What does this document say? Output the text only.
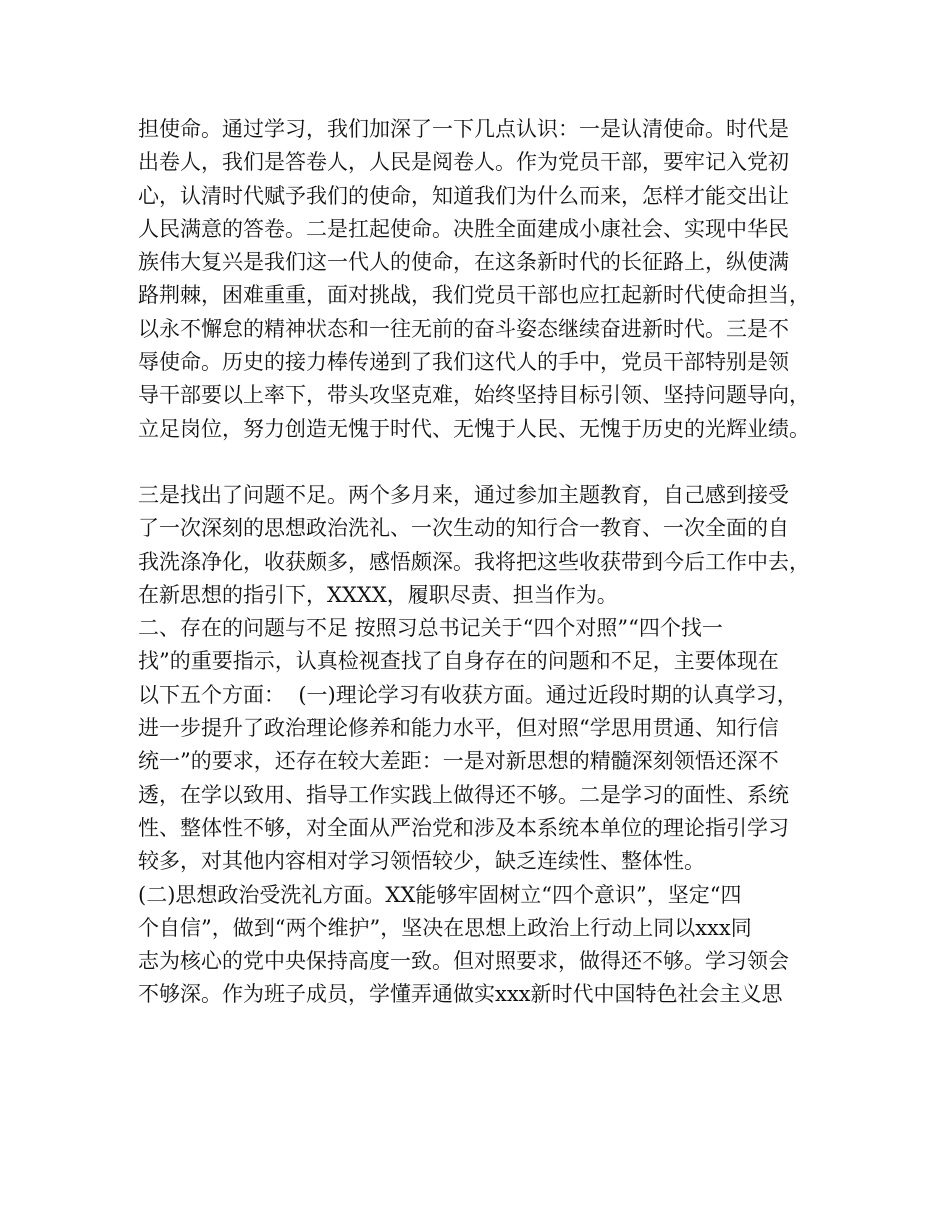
担使命。通过学习，我们加深了一下几点认识：一是认清使命。时代是
出卷人，我们是答卷人，人民是阅卷人。作为党员干部，要牢记入党初
心，认清时代赋予我们的使命，知道我们为什么而来，怎样才能交出让
人民满意的答卷。二是扛起使命。决胜全面建成小康社会、实现中华民
族伟大复兴是我们这一代人的使命，在这条新时代的长征路上，纵使满
路荆棘，困难重重，面对挑战，我们党员干部也应扛起新时代使命担当，
以永不懈怠的精神状态和一往无前的奋斗姿态继续奋进新时代。三是不
辱使命。历史的接力棒传递到了我们这代人的手中，党员干部特别是领
导干部要以上率下，带头攻坚克难，始终坚持目标引领、坚持问题导向，
立足岗位，努力创造无愧于时代、无愧于人民、无愧于历史的光辉业绩。
三是找出了问题不足。两个多月来，通过参加主题教育，自己感到接受
了一次深刻的思想政治洗礼、一次生动的知行合一教育、一次全面的自
我洗涤净化，收获颇多，感悟颇深。我将把这些收获带到今后工作中去，
在新思想的指引下，XXXX，履职尽责、担当作为。
二、存在的问题与不足 按照习总书记关于“四个对照”“四个找一
找”的重要指示，认真检视查找了自身存在的问题和不足，主要体现在
以下五个方面：  (一)理论学习有收获方面。通过近段时期的认真学习，
进一步提升了政治理论修养和能力水平，但对照“学思用贯通、知行信
统一”的要求，还存在较大差距：一是对新思想的精髓深刻领悟还深不
透，在学以致用、指导工作实践上做得还不够。二是学习的面性、系统
性、整体性不够，对全面从严治党和涉及本系统本单位的理论指引学习
较多，对其他内容相对学习领悟较少，缺乏连续性、整体性。
(二)思想政治受洗礼方面。XX能够牢固树立“四个意识”，坚定“四
个自信”，做到“两个维护”，坚决在思想上政治上行动上同以xxx同
志为核心的党中央保持高度一致。但对照要求，做得还不够。学习领会
不够深。作为班子成员，学懂弄通做实xxx新时代中国特色社会主义思
